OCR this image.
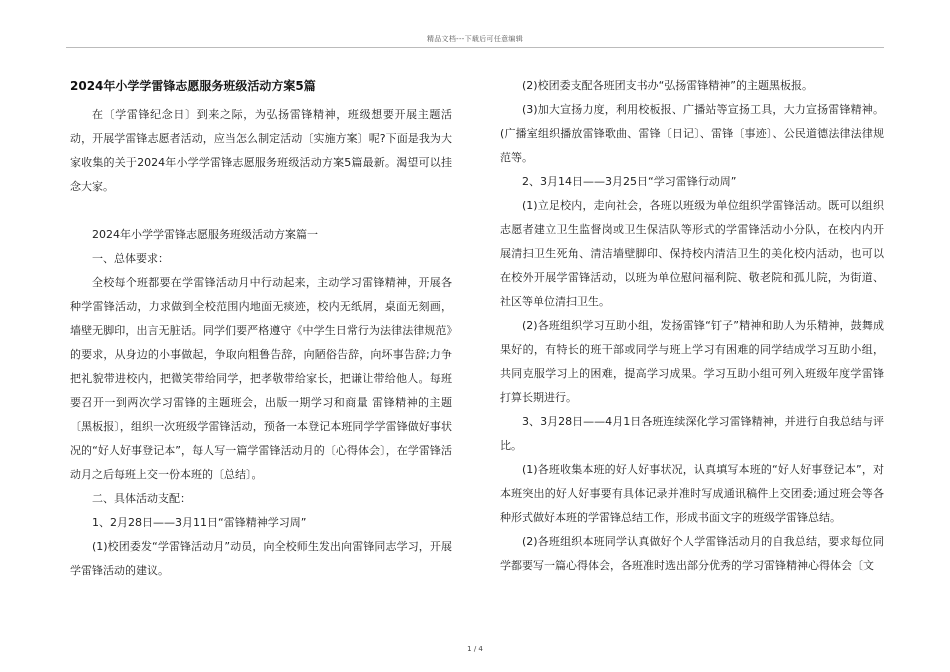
精品文档---下载后可任意编辑
2024年小学学雷锋志愿服务班级活动方案5篇

在〔学雷锋纪念日〕到来之际，为弘扬雷锋精神，班级想要开展主题活动，开展学雷锋志愿者活动，应当怎么制定活动〔实施方案〕呢?下面是我为大家收集的关于2024年小学学雷锋志愿服务班级活动方案5篇最新。渴望可以挂念大家。

2024年小学学雷锋志愿服务班级活动方案篇一

一、总体要求：

全校每个班都要在学雷锋活动月中行动起来，主动学习雷锋精神，开展各种学雷锋活动，力求做到全校范围内地面无痰迹，校内无纸屑，桌面无刻画，墙壁无脚印，出言无脏话。同学们要严格遵守《中学生日常行为法律法律规范》的要求，从身边的小事做起，争取向粗鲁告辞，向陋俗告辞，向坏事告辞;力争把礼貌带进校内，把微笑带给同学，把孝敬带给家长，把谦让带给他人。每班要召开一到两次学习雷锋的主题班会，出版一期学习和商量 雷锋精神的主题〔黑板报〕，组织一次班级学雷锋活动，预备一本登记本班同学学雷锋做好事状况的“好人好事登记本”，每人写一篇学雷锋活动月的〔心得体会〕，在学雷锋活动月之后每班上交一份本班的〔总结〕。

二、具体活动支配：

1、2月28日——3月11日“雷锋精神学习周”

(1)校团委发“学雷锋活动月”动员，向全校师生发出向雷锋同志学习，开展学雷锋活动的建议。

(2)校团委支配各班团支书办“弘扬雷锋精神”的主题黑板报。

(3)加大宣扬力度，利用校板报、广播站等宣扬工具，大力宣扬雷锋精神。(广播室组织播放雷锋歌曲、雷锋〔日记〕、雷锋〔事迹〕、公民道德法律法律规范等。

2、3月14日——3月25日“学习雷锋行动周”

(1)立足校内，走向社会，各班以班级为单位组织学雷锋活动。既可以组织志愿者建立卫生监督岗或卫生保洁队等形式的学雷锋活动小分队，在校内内开展清扫卫生死角、清洁墙壁脚印、保持校内清洁卫生的美化校内活动，也可以在校外开展学雷锋活动，以班为单位慰问福利院、敬老院和孤儿院，为街道、社区等单位清扫卫生。

(2)各班组织学习互助小组，发扬雷锋“钉子”精神和助人为乐精神，鼓舞成果好的，有特长的班干部或同学与班上学习有困难的同学结成学习互助小组，共同克服学习上的困难，提高学习成果。学习互助小组可列入班级年度学雷锋打算长期进行。

3、3月28日——4月1日各班连续深化学习雷锋精神，并进行自我总结与评比。

(1)各班收集本班的好人好事状况，认真填写本班的“好人好事登记本”，对本班突出的好人好事要有具体记录并准时写成通讯稿件上交团委;通过班会等各种形式做好本班的学雷锋总结工作，形成书面文字的班级学雷锋总结。

(2)各班组织本班同学认真做好个人学雷锋活动月的自我总结，要求每位同学都要写一篇心得体会，各班准时选出部分优秀的学习雷锋精神心得体会〔文

1 / 4
